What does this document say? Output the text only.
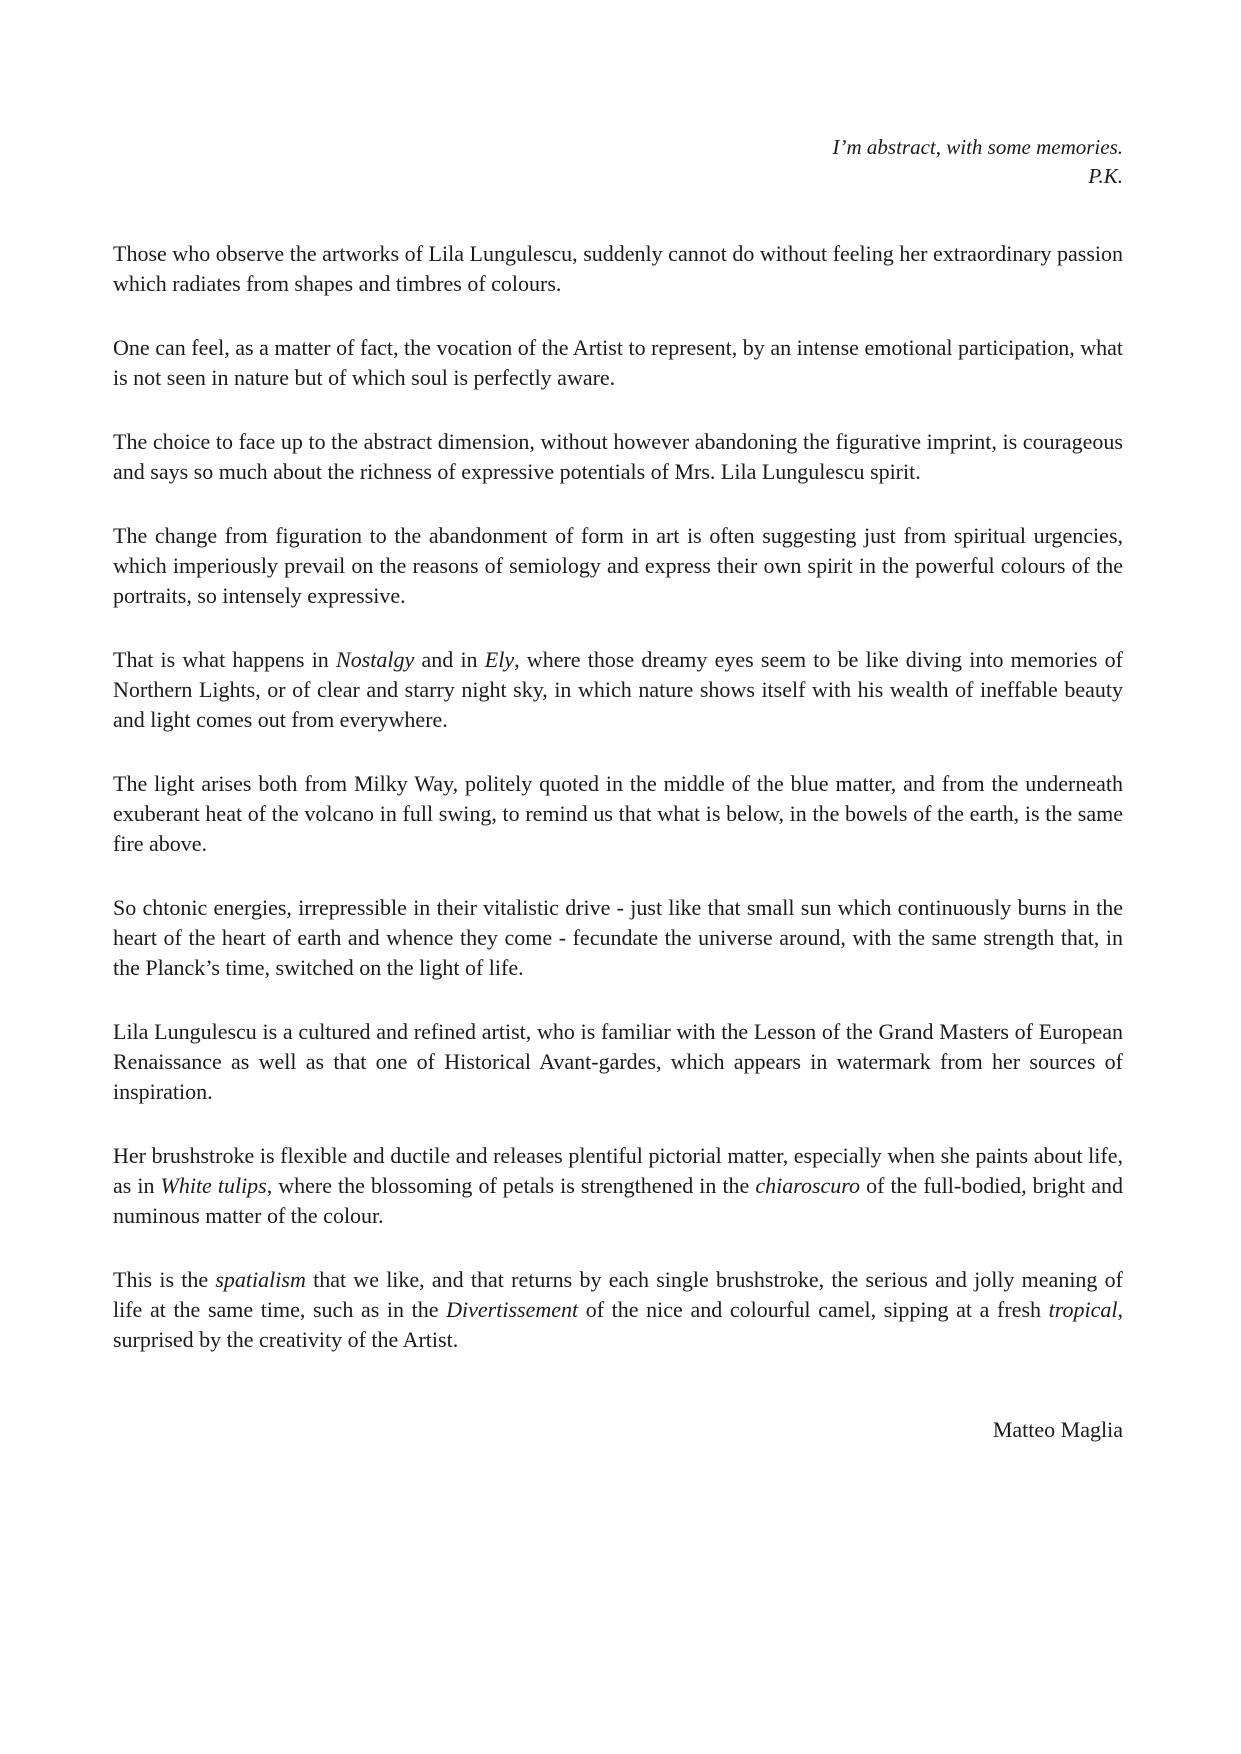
I’m abstract, with some memories.
P.K.

Those who observe the artworks of Lila Lungulescu, suddenly cannot do without feeling her extraordinary passion which radiates from shapes and timbres of colours.

One can feel, as a matter of fact, the vocation of the Artist to represent, by an intense emotional participation, what is not seen in nature but of which soul is perfectly aware.

The choice to face up to the abstract dimension, without however abandoning the figurative imprint, is courageous and says so much about the richness of expressive potentials of Mrs. Lila Lungulescu spirit.

The change from figuration to the abandonment of form in art is often suggesting just from spiritual urgencies, which imperiously prevail on the reasons of semiology and express their own spirit in the powerful colours of the portraits, so intensely expressive.

That is what happens in Nostalgy and in Ely, where those dreamy eyes seem to be like diving into memories of Northern Lights, or of clear and starry night sky, in which nature shows itself with his wealth of ineffable beauty and light comes out from everywhere.

The light arises both from Milky Way, politely quoted in the middle of the blue matter, and from the underneath exuberant heat of the volcano in full swing, to remind us that what is below, in the bowels of the earth, is the same fire above.

So chtonic energies, irrepressible in their vitalistic drive - just like that small sun which continuously burns in the heart of the heart of earth and whence they come - fecundate the universe around, with the same strength that, in the Planck’s time, switched on the light of life.

Lila Lungulescu is a cultured and refined artist, who is familiar with the Lesson of the Grand Masters of European Renaissance as well as that one of Historical Avant-gardes, which appears in watermark from her sources of inspiration.

Her brushstroke is flexible and ductile and releases plentiful pictorial matter, especially when she paints about life, as in White tulips, where the blossoming of petals is strengthened in the chiaroscuro of the full-bodied, bright and numinous matter of the colour.

This is the spatialism that we like, and that returns by each single brushstroke, the serious and jolly meaning of life at the same time, such as in the Divertissement of the nice and colourful camel, sipping at a fresh tropical, surprised by the creativity of the Artist.

Matteo Maglia
